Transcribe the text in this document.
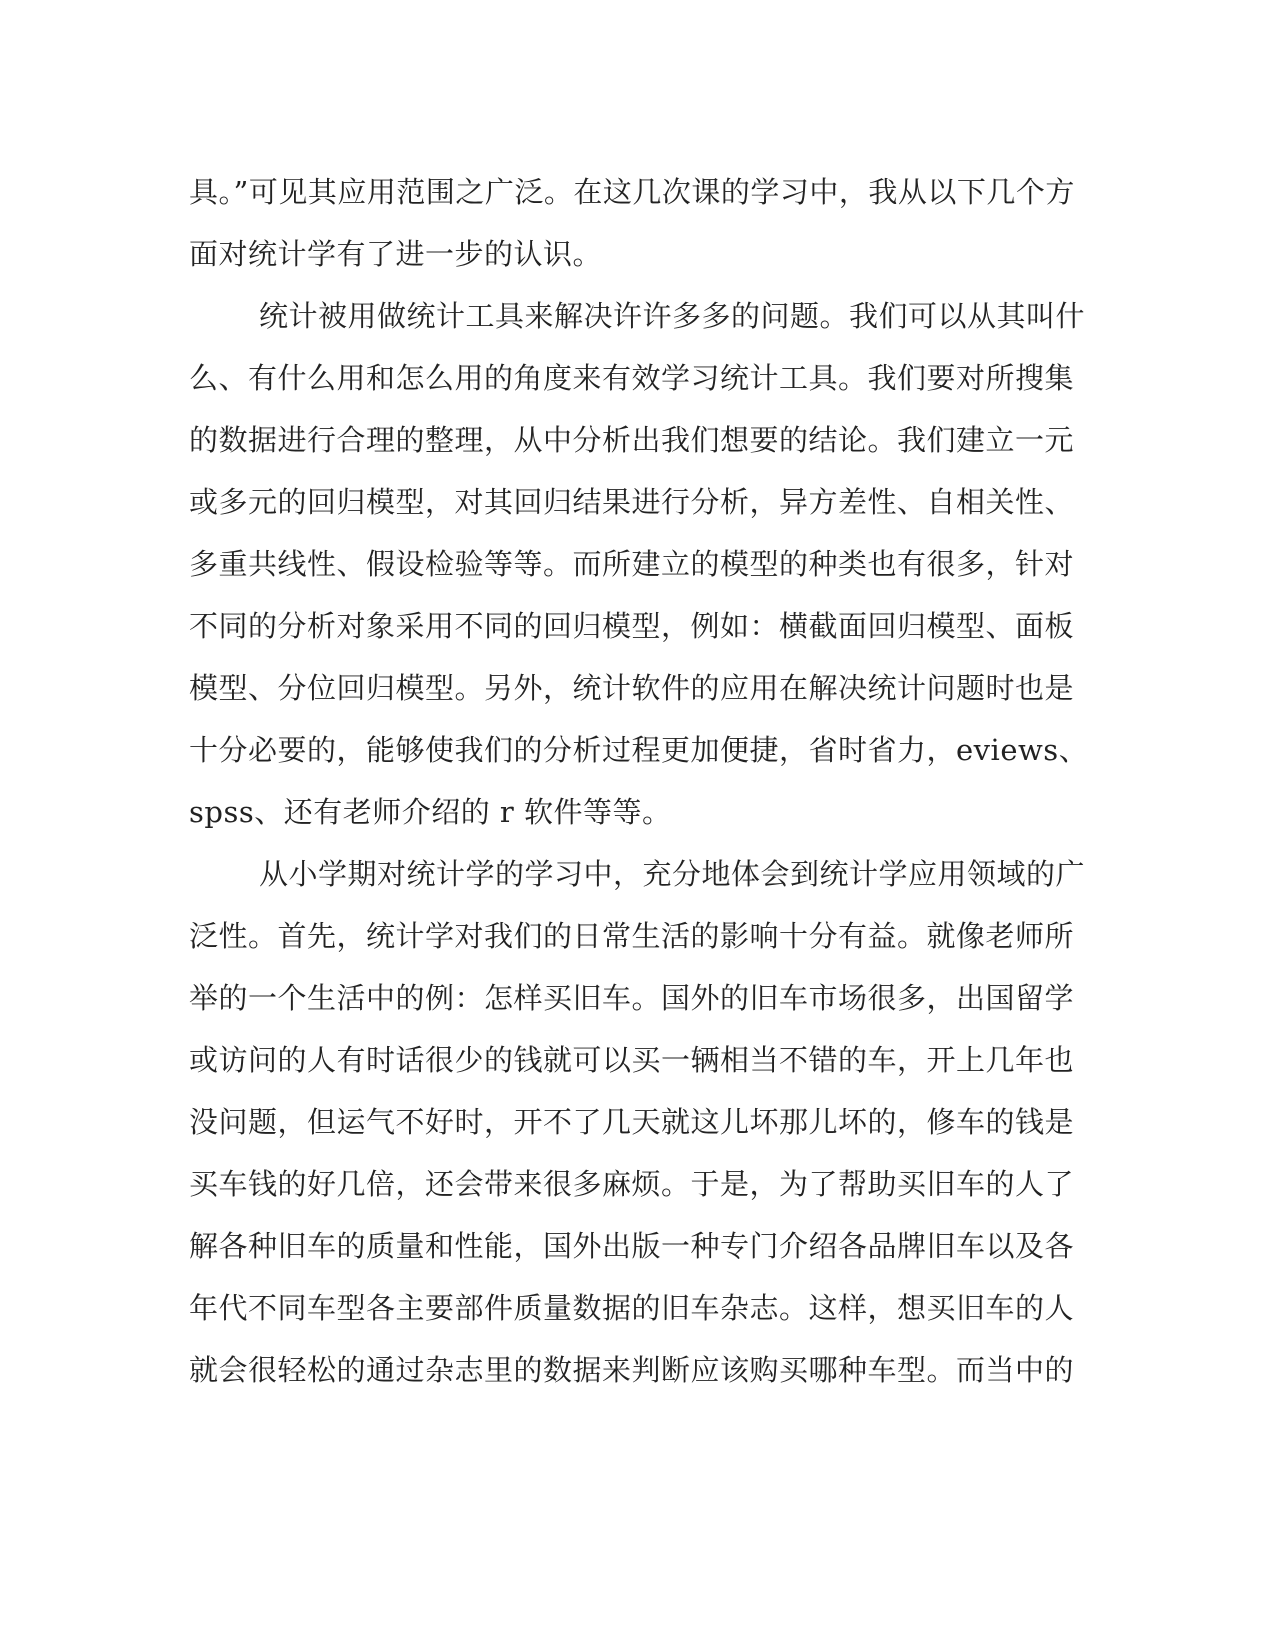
具。”可见其应用范围之广泛。在这几次课的学习中，我从以下几个方
面对统计学有了进一步的认识。
统计被用做统计工具来解决许许多多的问题。我们可以从其叫什
么、有什么用和怎么用的角度来有效学习统计工具。我们要对所搜集
的数据进行合理的整理，从中分析出我们想要的结论。我们建立一元
或多元的回归模型，对其回归结果进行分析，异方差性、自相关性、
多重共线性、假设检验等等。而所建立的模型的种类也有很多，针对
不同的分析对象采用不同的回归模型，例如：横截面回归模型、面板
模型、分位回归模型。另外，统计软件的应用在解决统计问题时也是
十分必要的，能够使我们的分析过程更加便捷，省时省力，eviews、
spss、还有老师介绍的 r 软件等等。
从小学期对统计学的学习中，充分地体会到统计学应用领域的广
泛性。首先，统计学对我们的日常生活的影响十分有益。就像老师所
举的一个生活中的例：怎样买旧车。国外的旧车市场很多，出国留学
或访问的人有时话很少的钱就可以买一辆相当不错的车，开上几年也
没问题，但运气不好时，开不了几天就这儿坏那儿坏的，修车的钱是
买车钱的好几倍，还会带来很多麻烦。于是，为了帮助买旧车的人了
解各种旧车的质量和性能，国外出版一种专门介绍各品牌旧车以及各
年代不同车型各主要部件质量数据的旧车杂志。这样，想买旧车的人
就会很轻松的通过杂志里的数据来判断应该购买哪种车型。而当中的
